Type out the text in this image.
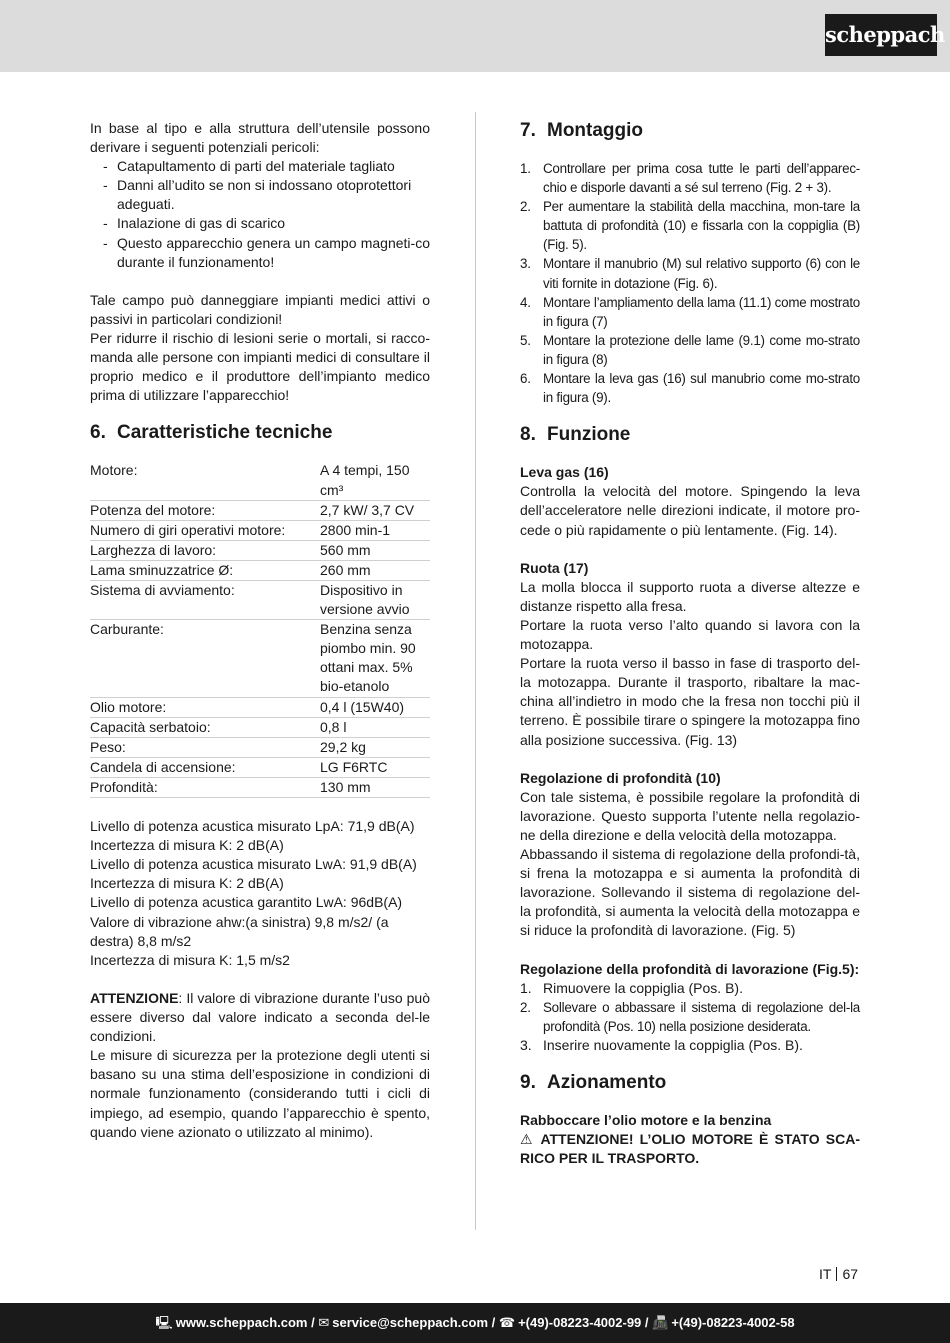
scheppach

In base al tipo e alla struttura dell’utensile possono derivare i seguenti potenziali pericoli:

- Catapultamento di parti del materiale tagliato
- Danni all’udito se non si indossano otoprotettori adeguati.
- Inalazione di gas di scarico
- Questo apparecchio genera un campo magneti-co durante il funzionamento!

Tale campo può danneggiare impianti medici attivi o passivi in particolari condizioni!

Per ridurre il rischio di lesioni serie o mortali, si racco-manda alle persone con impianti medici di consultare il proprio medico e il produttore dell’impianto medico prima di utilizzare l’apparecchio!

6. Caratteristiche tecniche
Motore:	A 4 tempi, 150 cm³
Potenza del motore:	2,7 kW/ 3,7 CV
Numero di giri operativi motore:	2800 min-1
Larghezza di lavoro:	560 mm
Lama sminuzzatrice Ø:	260 mm
Sistema di avviamento:	Dispositivo in versione avvio
Carburante:	Benzina senza piombo min. 90 ottani max. 5% bio-etanolo
Olio motore:	0,4 l (15W40)
Capacità serbatoio:	0,8 l
Peso:	29,2 kg
Candela di accensione:	LG F6RTC
Profondità:	130 mm

Livello di potenza acustica misurato LpA: 71,9 dB(A)

Incertezza di misura K: 2 dB(A)

Livello di potenza acustica misurato LwA: 91,9 dB(A)

Incertezza di misura K: 2 dB(A)

Livello di potenza acustica garantito LwA: 96dB(A)

Valore di vibrazione ahw:(a sinistra) 9,8 m/s2/ (a destra) 8,8 m/s2

Incertezza di misura K: 1,5 m/s2

ATTENZIONE: Il valore di vibrazione durante l’uso può essere diverso dal valore indicato a seconda del-le condizioni.

Le misure di sicurezza per la protezione degli utenti si basano su una stima dell’esposizione in condizioni di normale funzionamento (considerando tutti i cicli di impiego, ad esempio, quando l’apparecchio è spento, quando viene azionato o utilizzato al minimo).

7. Montaggio
1. Controllare per prima cosa tutte le parti dell’apparec-chio e disporle davanti a sé sul terreno (Fig. 2 + 3).
2. Per aumentare la stabilità della macchina, mon-tare la battuta di profondità (10) e fissarla con la coppiglia (B) (Fig. 5).
3. Montare il manubrio (M) sul relativo supporto (6) con le viti fornite in dotazione (Fig. 6).
4. Montare l’ampliamento della lama (11.1) come mostrato in figura (7)
5. Montare la protezione delle lame (9.1) come mo-strato in figura (8)
6. Montare la leva gas (16) sul manubrio come mo-strato in figura (9).
8. Funzione

Leva gas (16)

Controlla la velocità del motore. Spingendo la leva dell’acceleratore nelle direzioni indicate, il motore pro-cede o più rapidamente o più lentamente. (Fig. 14).

Ruota (17)

La molla blocca il supporto ruota a diverse altezze e distanze rispetto alla fresa.

Portare la ruota verso l’alto quando si lavora con la motozappa.

Portare la ruota verso il basso in fase di trasporto del-la motozappa. Durante il trasporto, ribaltare la mac-china all’indietro in modo che la fresa non tocchi più il terreno. È possibile tirare o spingere la motozappa fino alla posizione successiva. (Fig. 13)

Regolazione di profondità (10)

Con tale sistema, è possibile regolare la profondità di lavorazione. Questo supporta l’utente nella regolazio-ne della direzione e della velocità della motozappa.

Abbassando il sistema di regolazione della profondi-tà, si frena la motozappa e si aumenta la profondità di lavorazione. Sollevando il sistema di regolazione del-la profondità, si aumenta la velocità della motozappa e si riduce la profondità di lavorazione. (Fig. 5)

Regolazione della profondità di lavorazione (Fig.5):

1. Rimuovere la coppiglia (Pos. B).
2. Sollevare o abbassare il sistema di regolazione del-la profondità (Pos. 10) nella posizione desiderata.
3. Inserire nuovamente la coppiglia (Pos. B).
9. Azionamento

Rabboccare l’olio motore e la benzina

⚠ ATTENZIONE! L’OLIO MOTORE È STATO SCA-RICO PER IL TRASPORTO.

IT 67
🖳 www.scheppach.com / ✉ service@scheppach.com / ☎ +(49)-08223-4002-99 / 📠 +(49)-08223-4002-58
